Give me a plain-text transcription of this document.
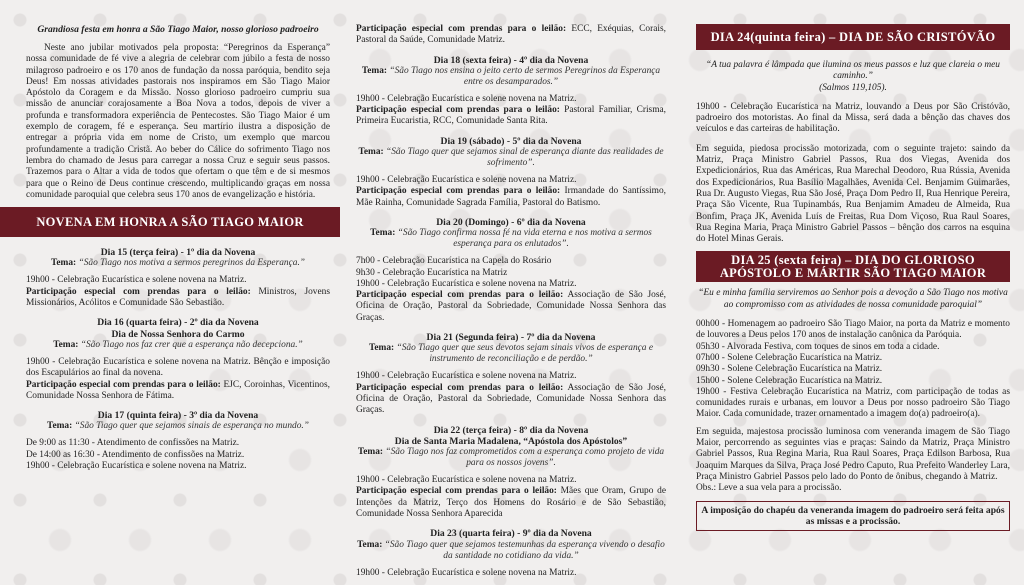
Grandiosa festa em honra a São Tiago Maior, nosso glorioso padroeiro

Neste ano jubilar motivados pela proposta: “Peregrinos da Esperança” nossa comunidade de fé vive a alegria de celebrar com júbilo a festa de nosso milagroso padroeiro e os 170 anos de fundação da nossa paróquia, bendito seja Deus! Em nossas atividades pastorais nos inspiramos em São Tiago Maior Apóstolo da Coragem e da Missão. Nosso glorioso padroeiro cumpriu sua missão de anunciar corajosamente a Boa Nova a todos, depois de viver a profunda e transformadora experiência de Pentecostes. São Tiago Maior é um exemplo de coragem, fé e esperança. Seu martírio ilustra a disposição de entregar a própria vida em nome de Cristo, um exemplo que marcou profundamente a tradição Cristã. Ao beber do Cálice do sofrimento Tiago nos lembra do chamado de Jesus para carregar a nossa Cruz e seguir seus passos. Trazemos para o Altar a vida de todos que ofertam o que têm e de si mesmos para que o Reino de Deus continue crescendo, multiplicando graças em nossa comunidade paroquial que celebra seus 170 anos de evangelização e história.

NOVENA EM HONRA A SÃO TIAGO MAIOR

Dia 15 (terça feira) - 1º dia da Novena

Tema: “São Tiago nos motiva a sermos peregrinos da Esperança.”

19h00 - Celebração Eucarística e solene novena na Matriz.

Participação especial com prendas para o leilão: Ministros, Jovens Missionários, Acólitos e Comunidade São Sebastião.

Dia 16 (quarta feira) - 2º dia da Novena

Dia de Nossa Senhora do Carmo

Tema: “São Tiago nos faz crer que a esperança não decepciona.”

19h00 - Celebração Eucarística e solene novena na Matriz. Bênção e imposição dos Escapulários ao final da novena.

Participação especial com prendas para o leilão: EJC, Coroinhas, Vicentinos, Comunidade Nossa Senhora de Fátima.

Dia 17 (quinta feira) - 3º dia da Novena

Tema: “São Tiago quer que sejamos sinais de esperança no mundo.”

De 9:00 as 11:30 - Atendimento de confissões na Matriz.

De 14:00 as 16:30 - Atendimento de confissões na Matriz.

19h00 - Celebração Eucarística e solene novena na Matriz.

Participação especial com prendas para o leilão: ECC, Exéquias, Corais, Pastoral da Saúde, Comunidade Matriz.

Dia 18 (sexta feira) - 4º dia da Novena

Tema: “São Tiago nos ensina o jeito certo de sermos Peregrinos da Esperança entre os desamparados.”

19h00 - Celebração Eucarística e solene novena na Matriz.

Participação especial com prendas para o leilão: Pastoral Familiar, Crisma, Primeira Eucaristia, RCC, Comunidade Santa Rita.

Dia 19 (sábado) - 5º dia da Novena

Tema: “São Tiago quer que sejamos sinal de esperança diante das realidades de sofrimento”.

19h00 - Celebração Eucarística e solene novena na Matriz.

Participação especial com prendas para o leilão: Irmandade do Santíssimo, Mãe Rainha, Comunidade Sagrada Família, Pastoral do Batismo.

Dia 20 (Domingo) - 6º dia da Novena

Tema: “São Tiago confirma nossa fé na vida eterna e nos motiva a sermos esperança para os enlutados”.

7h00 - Celebração Eucarística na Capela do Rosário

9h30 - Celebração Eucarística na Matriz

19h00 - Celebração Eucarística e solene novena na Matriz.

Participação especial com prendas para o leilão: Associação de São José, Oficina de Oração, Pastoral da Sobriedade, Comunidade Nossa Senhora das Graças.

Dia 21 (Segunda feira) - 7º dia da Novena

Tema: “São Tiago quer que seus devotos sejam sinais vivos de esperança e instrumento de reconciliação e de perdão.”

19h00 - Celebração Eucarística e solene novena na Matriz.

Participação especial com prendas para o leilão: Associação de São José, Oficina de Oração, Pastoral da Sobriedade, Comunidade Nossa Senhora das Graças.

Dia 22 (terça feira) - 8º dia da Novena

Dia de Santa Maria Madalena, “Apóstola dos Apóstolos”

Tema: “São Tiago nos faz comprometidos com a esperança como projeto de vida para os nossos jovens”.

19h00 - Celebração Eucarística e solene novena na Matriz.

Participação especial com prendas para o leilão: Mães que Oram, Grupo de Intenções da Matriz, Terço dos Homens do Rosário e de São Sebastião, Comunidade Nossa Senhora Aparecida

Dia 23 (quarta feira) - 9º dia da Novena

Tema: “São Tiago quer que sejamos testemunhas da esperança vivendo o desafio da santidade no cotidiano da vida.”

19h00 - Celebração Eucarística e solene novena na Matriz.

DIA 24(quinta feira) – DIA DE SÃO CRISTÓVÃO

“A tua palavra é lâmpada que ilumina os meus passos e luz que clareia o meu caminho.”

(Salmos 119,105).

19h00 - Celebração Eucarística na Matriz, louvando a Deus por São Cristóvão, padroeiro dos motoristas. Ao final da Missa, será dada a bênção das chaves dos veículos e das carteiras de habilitação.

Em seguida, piedosa procissão motorizada, com o seguinte trajeto: saindo da Matriz, Praça Ministro Gabriel Passos, Rua dos Viegas, Avenida dos Expedicionários, Rua das Américas, Rua Marechal Deodoro, Rua Rússia, Avenida dos Expedicionários, Rua Basílio Magalhães, Avenida Cel. Benjamim Guimarães, Rua Dr. Augusto Viegas, Rua São José, Praça Dom Pedro II, Rua Henrique Pereira, Praça São Vicente, Rua Tupinambás, Rua Benjamim Amadeu de Almeida, Rua Bonfim, Praça JK, Avenida Luís de Freitas, Rua Dom Viçoso, Rua Raul Soares, Rua Regina Maria, Praça Ministro Gabriel Passos – bênção dos carros na esquina do Hotel Minas Gerais.

DIA 25 (sexta feira) – DIA DO GLORIOSO APÓSTOLO E MÁRTIR SÃO TIAGO MAIOR

“Eu e minha família serviremos ao Senhor pois a devoção a São Tiago nos motiva ao compromisso com as atividades de nossa comunidade paroquial”

00h00 - Homenagem ao padroeiro São Tiago Maior, na porta da Matriz e momento de louvores a Deus pelos 170 anos de instalação canônica da Paróquia.

05h30 - Alvorada Festiva, com toques de sinos em toda a cidade.

07h00 - Solene Celebração Eucarística na Matriz.

09h30 - Solene Celebração Eucarística na Matriz.

15h00 - Solene Celebração Eucarística na Matriz.

19h00 - Festiva Celebração Eucarística na Matriz, com participação de todas as comunidades rurais e urbanas, em louvor a Deus por nosso padroeiro São Tiago Maior. Cada comunidade, trazer ornamentado a imagem do(a) padroeiro(a).

Em seguida, majestosa procissão luminosa com veneranda imagem de São Tiago Maior, percorrendo as seguintes vias e praças: Saindo da Matriz, Praça Ministro Gabriel Passos, Rua Regina Maria, Rua Raul Soares, Praça Edilson Barbosa, Rua Joaquim Marques da Silva, Praça José Pedro Caputo, Rua Prefeito Wanderley Lara, Praça Ministro Gabriel Passos pelo lado do Ponto de ônibus, chegando à Matriz.

Obs.: Leve a sua vela para a procissão.

A imposição do chapéu da veneranda imagem do padroeiro será feita após as missas e a procissão.
